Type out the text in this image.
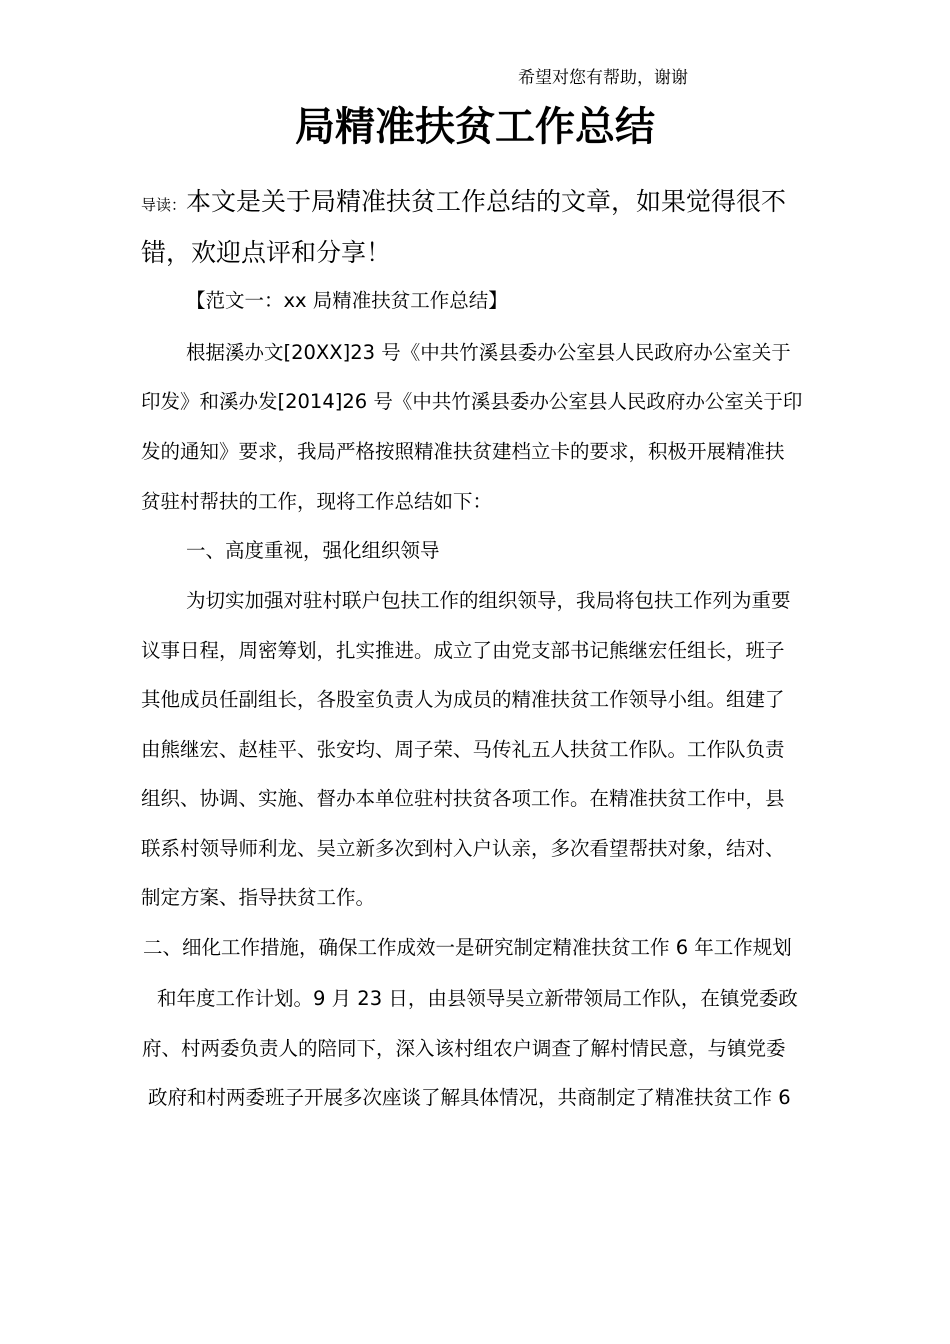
希望对您有帮助，谢谢
局精准扶贫工作总结
导读：本文是关于局精准扶贫工作总结的文章，如果觉得很不
错，欢迎点评和分享！
【范文一：xx 局精准扶贫工作总结】
根据溪办文[20XX]23 号《中共竹溪县委办公室县人民政府办公室关于
印发》和溪办发[2014]26 号《中共竹溪县委办公室县人民政府办公室关于印
发的通知》要求，我局严格按照精准扶贫建档立卡的要求，积极开展精准扶
贫驻村帮扶的工作，现将工作总结如下：
一、高度重视，强化组织领导
为切实加强对驻村联户包扶工作的组织领导，我局将包扶工作列为重要
议事日程，周密筹划，扎实推进。成立了由党支部书记熊继宏任组长，班子
其他成员任副组长，各股室负责人为成员的精准扶贫工作领导小组。组建了
由熊继宏、赵桂平、张安均、周子荣、马传礼五人扶贫工作队。工作队负责
组织、协调、实施、督办本单位驻村扶贫各项工作。在精准扶贫工作中，县
联系村领导师利龙、吴立新多次到村入户认亲，多次看望帮扶对象，结对、
制定方案、指导扶贫工作。
二、细化工作措施，确保工作成效一是研究制定精准扶贫工作 6 年工作规划
和年度工作计划。9 月 23 日，由县领导吴立新带领局工作队，在镇党委政
府、村两委负责人的陪同下，深入该村组农户调查了解村情民意，与镇党委
政府和村两委班子开展多次座谈了解具体情况，共商制定了精准扶贫工作 6
